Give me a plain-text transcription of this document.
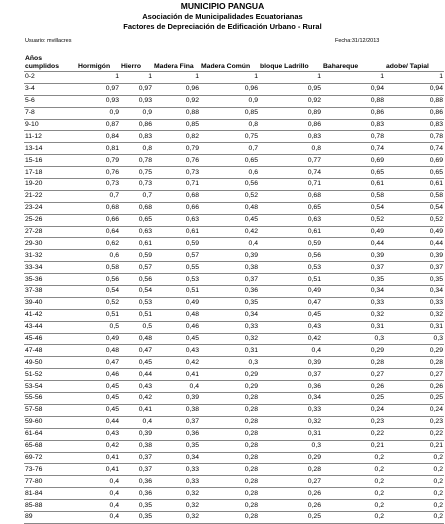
MUNICIPIO PANGUA
Asociación de Municipalidades Ecuatorianas
Factores de Depreciación de Edificación Urbano - Rural
Usuario: mvillacres	Fecha:31/12/2013
Años cumplidos	Hormigón	Hierro	Madera Fina	Madera Común	bloque Ladrillo	Bahareque	adobe/ Tapial
0-2	1	1	1	1	1	1	1
3-4	0,97	0,97	0,96	0,96	0,95	0,94	0,94
5-6	0,93	0,93	0,92	0,9	0,92	0,88	0,88
7-8	0,9	0,9	0,88	0,85	0,89	0,86	0,86
9-10	0,87	0,86	0,85	0,8	0,86	0,83	0,83
11-12	0,84	0,83	0,82	0,75	0,83	0,78	0,78
13-14	0,81	0,8	0,79	0,7	0,8	0,74	0,74
15-16	0,79	0,78	0,76	0,65	0,77	0,69	0,69
17-18	0,76	0,75	0,73	0,6	0,74	0,65	0,65
19-20	0,73	0,73	0,71	0,56	0,71	0,61	0,61
21-22	0,7	0,7	0,68	0,52	0,68	0,58	0,58
23-24	0,68	0,68	0,66	0,48	0,65	0,54	0,54
25-26	0,66	0,65	0,63	0,45	0,63	0,52	0,52
27-28	0,64	0,63	0,61	0,42	0,61	0,49	0,49
29-30	0,62	0,61	0,59	0,4	0,59	0,44	0,44
31-32	0,6	0,59	0,57	0,39	0,56	0,39	0,39
33-34	0,58	0,57	0,55	0,38	0,53	0,37	0,37
35-36	0,56	0,56	0,53	0,37	0,51	0,35	0,35
37-38	0,54	0,54	0,51	0,36	0,49	0,34	0,34
39-40	0,52	0,53	0,49	0,35	0,47	0,33	0,33
41-42	0,51	0,51	0,48	0,34	0,45	0,32	0,32
43-44	0,5	0,5	0,46	0,33	0,43	0,31	0,31
45-46	0,49	0,48	0,45	0,32	0,42	0,3	0,3
47-48	0,48	0,47	0,43	0,31	0,4	0,29	0,29
49-50	0,47	0,45	0,42	0,3	0,39	0,28	0,28
51-52	0,46	0,44	0,41	0,29	0,37	0,27	0,27
53-54	0,45	0,43	0,4	0,29	0,36	0,26	0,26
55-56	0,45	0,42	0,39	0,28	0,34	0,25	0,25
57-58	0,45	0,41	0,38	0,28	0,33	0,24	0,24
59-60	0,44	0,4	0,37	0,28	0,32	0,23	0,23
61-64	0,43	0,39	0,36	0,28	0,31	0,22	0,22
65-68	0,42	0,38	0,35	0,28	0,3	0,21	0,21
69-72	0,41	0,37	0,34	0,28	0,29	0,2	0,2
73-76	0,41	0,37	0,33	0,28	0,28	0,2	0,2
77-80	0,4	0,36	0,33	0,28	0,27	0,2	0,2
81-84	0,4	0,36	0,32	0,28	0,26	0,2	0,2
85-88	0,4	0,35	0,32	0,28	0,26	0,2	0,2
89	0,4	0,35	0,32	0,28	0,25	0,2	0,2
